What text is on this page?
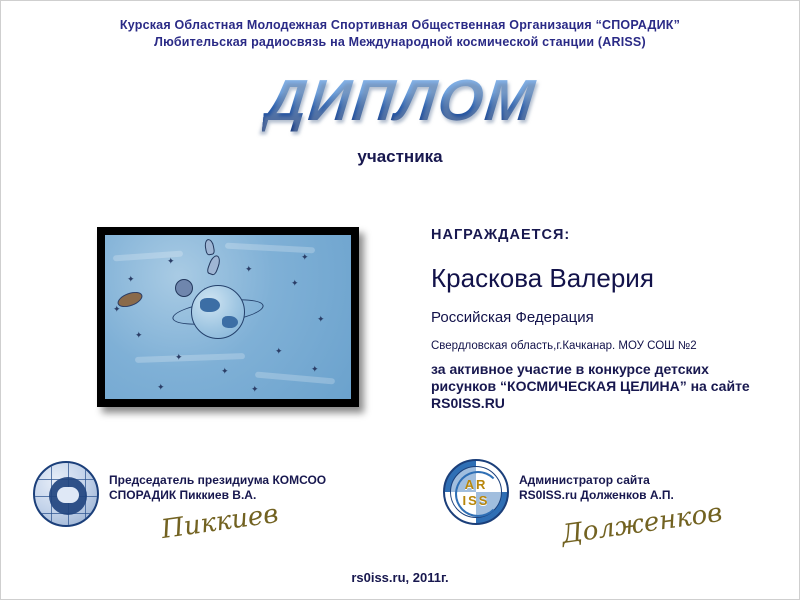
Курская Областная Молодежная Спортивная Общественная Организация “СПОРАДИК”
Любительская радиосвязь на Международной космической станции (ARISS)
ДИПЛОМ
участника
✦
✦
✦
✦
✦
✦
✦
✦
✦
✦
✦	✦
✦
✦
НАГРАЖДАЕТСЯ:
Краскова Валерия
Российская Федерация
Свердловская область,г.Качканар. МОУ СОШ №2
за активное участие в конкурсе детских рисунков “КОСМИЧЕСКАЯ ЦЕЛИНА” на сайте RS0ISS.RU
Председатель президиума КОМСОО
СПОРАДИК Пиккиев В.А.
Пиккиев
AR
ISS
Администратор сайта
RS0ISS.ru Долженков А.П.
Долженков
rs0iss.ru, 2011г.
